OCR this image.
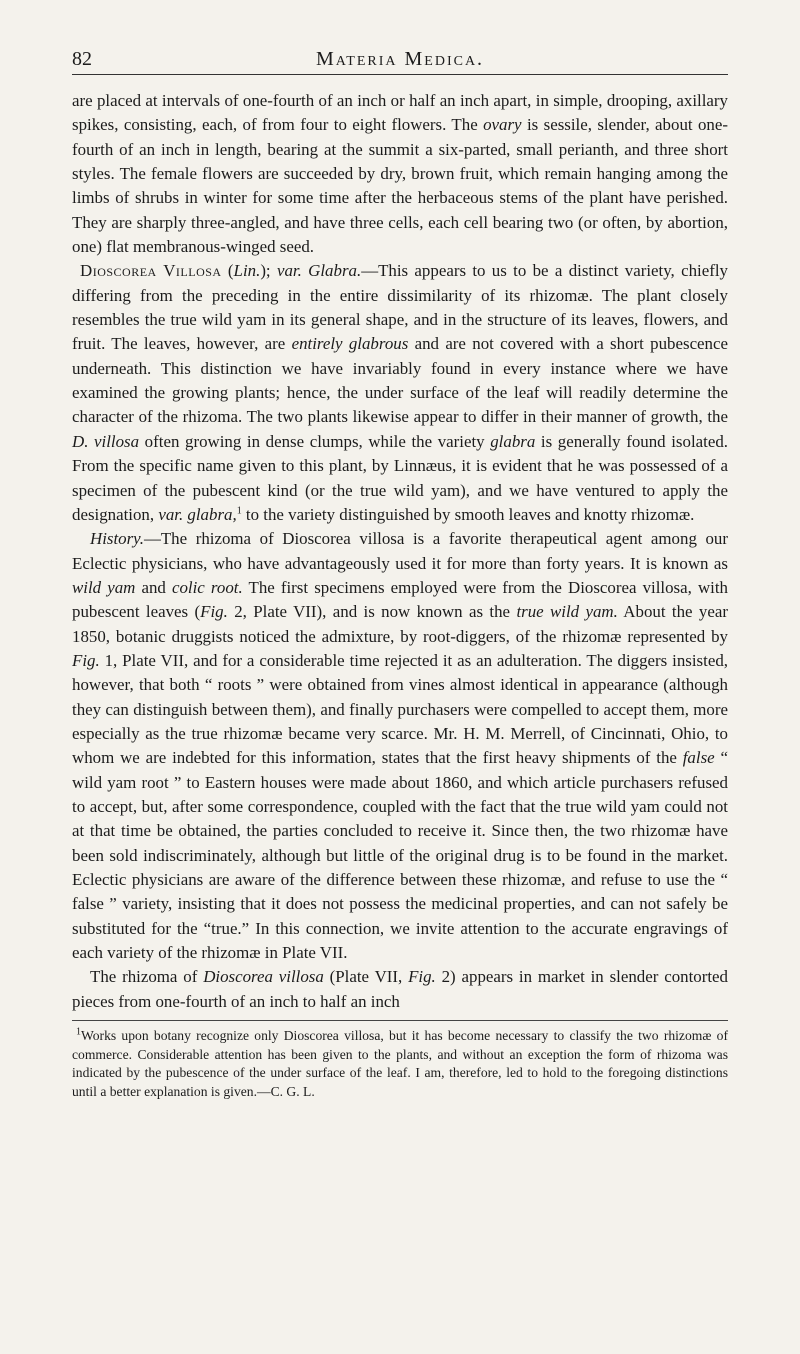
82	Materia Medica.

are placed at intervals of one-fourth of an inch or half an inch apart, in simple, drooping, axillary spikes, consisting, each, of from four to eight flowers. The ovary is sessile, slender, about one-fourth of an inch in length, bearing at the summit a six-parted, small perianth, and three short styles. The female flowers are succeeded by dry, brown fruit, which remain hanging among the limbs of shrubs in winter for some time after the herbaceous stems of the plant have perished. They are sharply three-angled, and have three cells, each cell bearing two (or often, by abortion, one) flat membranous-winged seed.

Dioscorea Villosa (Lin.); var. Glabra.—This appears to us to be a distinct variety, chiefly differing from the preceding in the entire dissimilarity of its rhizomæ. The plant closely resembles the true wild yam in its general shape, and in the structure of its leaves, flowers, and fruit. The leaves, however, are entirely glabrous and are not covered with a short pubescence underneath. This distinction we have invariably found in every instance where we have examined the growing plants; hence, the under surface of the leaf will readily determine the character of the rhizoma. The two plants likewise appear to differ in their manner of growth, the D. villosa often growing in dense clumps, while the variety glabra is generally found isolated. From the specific name given to this plant, by Linnæus, it is evident that he was possessed of a specimen of the pubescent kind (or the true wild yam), and we have ventured to apply the designation, var. glabra,$^1$ to the variety distinguished by smooth leaves and knotty rhizomæ.

History.—The rhizoma of Dioscorea villosa is a favorite therapeutical agent among our Eclectic physicians, who have advantageously used it for more than forty years. It is known as wild yam and colic root. The first specimens employed were from the Dioscorea villosa, with pubescent leaves (Fig. 2, Plate VII), and is now known as the true wild yam. About the year 1850, botanic druggists noticed the admixture, by root-diggers, of the rhizomæ represented by Fig. 1, Plate VII, and for a considerable time rejected it as an adulteration. The diggers insisted, however, that both “ roots ” were obtained from vines almost identical in appearance (although they can distinguish between them), and finally purchasers were compelled to accept them, more especially as the true rhizomæ became very scarce. Mr. H. M. Merrell, of Cincinnati, Ohio, to whom we are indebted for this information, states that the first heavy shipments of the false “ wild yam root ” to Eastern houses were made about 1860, and which article purchasers refused to accept, but, after some correspondence, coupled with the fact that the true wild yam could not at that time be obtained, the parties concluded to receive it. Since then, the two rhizomæ have been sold indiscriminately, although but little of the original drug is to be found in the market. Eclectic physicians are aware of the difference between these rhizomæ, and refuse to use the “ false ” variety, insisting that it does not possess the medicinal properties, and can not safely be substituted for the “true.” In this connection, we invite attention to the accurate engravings of each variety of the rhizomæ in Plate VII.

The rhizoma of Dioscorea villosa (Plate VII, Fig. 2) appears in market in slender contorted pieces from one-fourth of an inch to half an inch

$^1$Works upon botany recognize only Dioscorea villosa, but it has become necessary to classify the two rhizomæ of commerce. Considerable attention has been given to the plants, and without an exception the form of rhizoma was indicated by the pubescence of the under surface of the leaf. I am, therefore, led to hold to the foregoing distinctions until a better explanation is given.—C. G. L.
